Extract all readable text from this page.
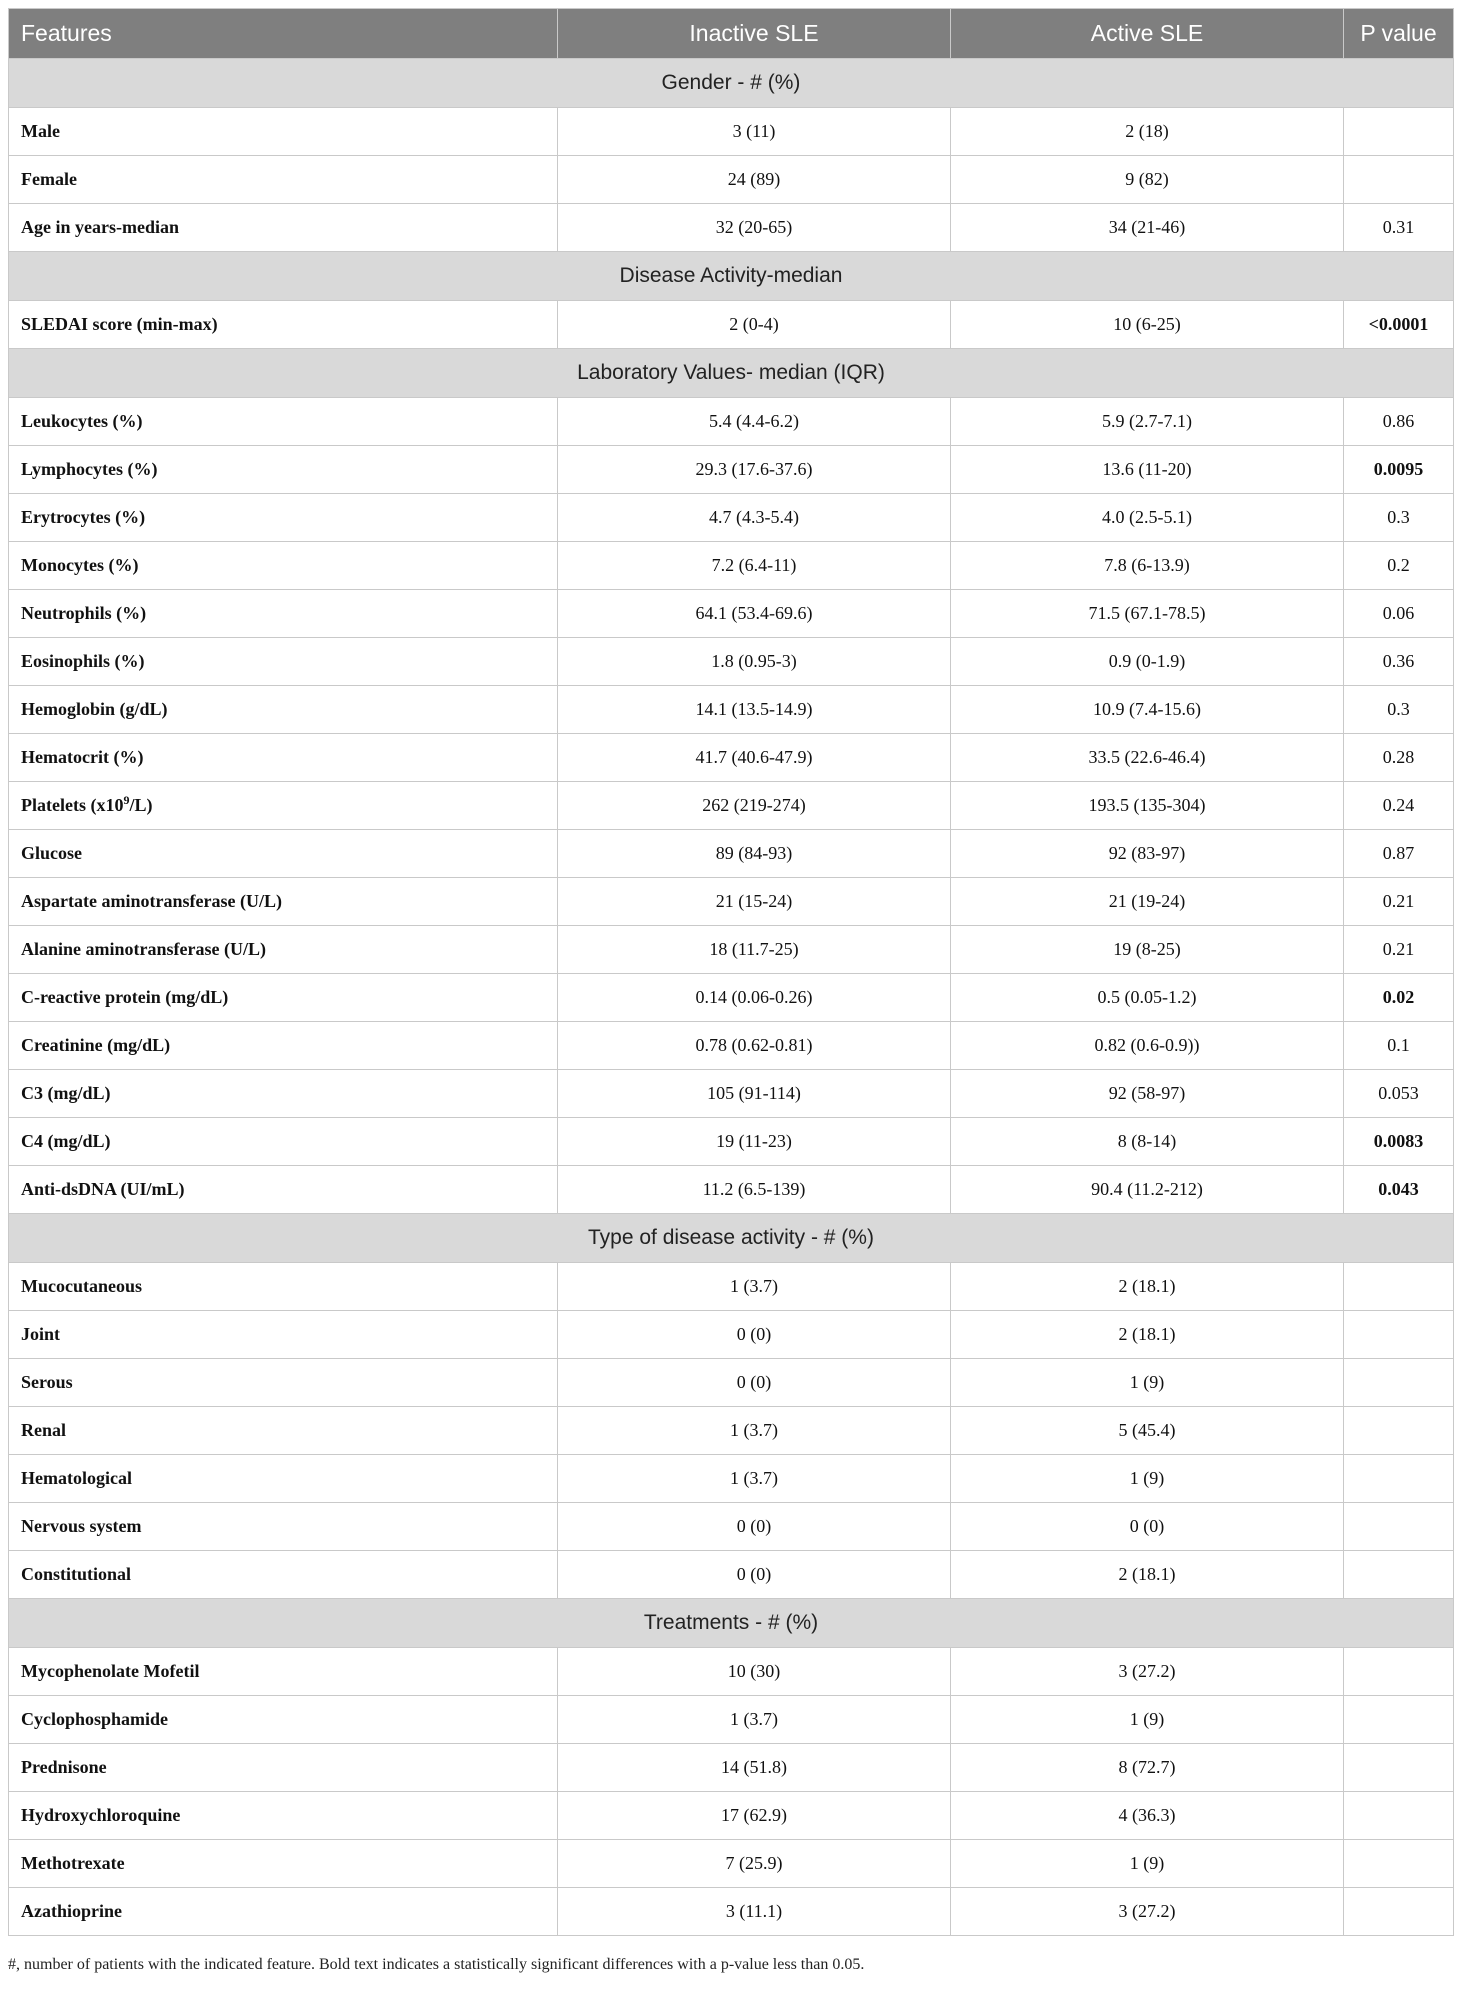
Features	Inactive SLE	Active SLE	P value
Gender - # (%)			
Male	3 (11)	2 (18)	
Female	24 (89)	9 (82)	
Age in years-median	32 (20-65)	34 (21-46)	0.31
Disease Activity-median			
SLEDAI score (min-max)	2 (0-4)	10 (6-25)	<0.0001
Laboratory Values- median (IQR)			
Leukocytes (%)	5.4 (4.4-6.2)	5.9 (2.7-7.1)	0.86
Lymphocytes (%)	29.3 (17.6-37.6)	13.6 (11-20)	0.0095
Erytrocytes (%)	4.7 (4.3-5.4)	4.0 (2.5-5.1)	0.3
Monocytes (%)	7.2 (6.4-11)	7.8 (6-13.9)	0.2
Neutrophils (%)	64.1 (53.4-69.6)	71.5 (67.1-78.5)	0.06
Eosinophils (%)	1.8 (0.95-3)	0.9 (0-1.9)	0.36
Hemoglobin (g/dL)	14.1 (13.5-14.9)	10.9 (7.4-15.6)	0.3
Hematocrit (%)	41.7 (40.6-47.9)	33.5 (22.6-46.4)	0.28
Platelets $(x10^9/L)$	262 (219-274)	193.5 (135-304)	0.24
Glucose	89 (84-93)	92 (83-97)	0.87
Aspartate aminotransferase (U/L)	21 (15-24)	21 (19-24)	0.21
Alanine aminotransferase (U/L)	18 (11.7-25)	19 (8-25)	0.21
C-reactive protein (mg/dL)	0.14 (0.06-0.26)	0.5 (0.05-1.2)	0.02
Creatinine (mg/dL)	0.78 (0.62-0.81)	0.82 (0.6-0.9))	0.1
C3 (mg/dL)	105 (91-114)	92 (58-97)	0.053
C4 (mg/dL)	19 (11-23)	8 (8-14)	0.0083
Anti-dsDNA (UI/mL)	11.2 (6.5-139)	90.4 (11.2-212)	0.043
Type of disease activity - # (%)			
Mucocutaneous	1 (3.7)	2 (18.1)	
Joint	0 (0)	2 (18.1)	
Serous	0 (0)	1 (9)	
Renal	1 (3.7)	5 (45.4)	
Hematological	1 (3.7)	1 (9)	
Nervous system	0 (0)	0 (0)	
Constitutional	0 (0)	2 (18.1)	
Treatments - # (%)			
Mycophenolate Mofetil	10 (30)	3 (27.2)	
Cyclophosphamide	1 (3.7)	1 (9)	
Prednisone	14 (51.8)	8 (72.7)	
Hydroxychloroquine	17 (62.9)	4 (36.3)	
Methotrexate	7 (25.9)	1 (9)	
Azathioprine	3 (11.1)	3 (27.2)	
#, number of patients with the indicated feature. Bold text indicates a statistically significant differences with a p-value less than 0.05.
